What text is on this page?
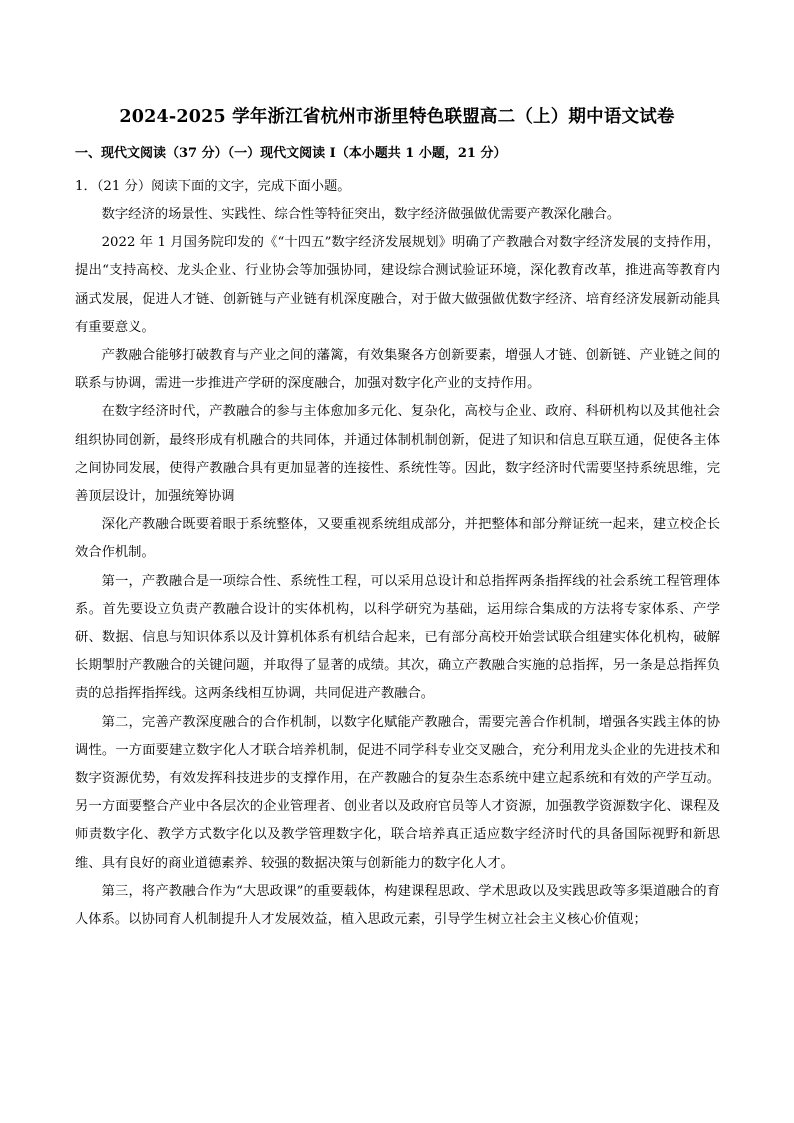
2024-2025 学年浙江省杭州市浙里特色联盟高二（上）期中语文试卷
一、现代文阅读（37 分）（一）现代文阅读 I（本小题共 1 小题，21 分）
1．（21 分）阅读下面的文字，完成下面小题。

数字经济的场景性、实践性、综合性等特征突出，数字经济做强做优需要产教深化融合。

2022 年 1 月国务院印发的《“十四五”数字经济发展规划》明确了产教融合对数字经济发展的支持作用，提出“支持高校、龙头企业、行业协会等加强协同，建设综合测试验证环境，深化教育改革，推进高等教育内涵式发展，促进人才链、创新链与产业链有机深度融合，对于做大做强做优数字经济、培育经济发展新动能具有重要意义。

产教融合能够打破教育与产业之间的藩篱，有效集聚各方创新要素，增强人才链、创新链、产业链之间的联系与协调，需进一步推进产学研的深度融合，加强对数字化产业的支持作用。

在数字经济时代，产教融合的参与主体愈加多元化、复杂化，高校与企业、政府、科研机构以及其他社会组织协同创新，最终形成有机融合的共同体，并通过体制机制创新，促进了知识和信息互联互通，促使各主体之间协同发展，使得产教融合具有更加显著的连接性、系统性等。因此，数字经济时代需要坚持系统思维，完善顶层设计，加强统筹协调

深化产教融合既要着眼于系统整体，又要重视系统组成部分，并把整体和部分辩证统一起来，建立校企长效合作机制。

第一，产教融合是一项综合性、系统性工程，可以采用总设计和总指挥两条指挥线的社会系统工程管理体系。首先要设立负责产教融合设计的实体机构，以科学研究为基础，运用综合集成的方法将专家体系、产学研、数据、信息与知识体系以及计算机体系有机结合起来，已有部分高校开始尝试联合组建实体化机构，破解长期掣肘产教融合的关键问题，并取得了显著的成绩。其次，确立产教融合实施的总指挥，另一条是总指挥负责的总指挥指挥线。这两条线相互协调，共同促进产教融合。

第二，完善产教深度融合的合作机制，以数字化赋能产教融合，需要完善合作机制，增强各实践主体的协调性。一方面要建立数字化人才联合培养机制，促进不同学科专业交叉融合，充分利用龙头企业的先进技术和数字资源优势，有效发挥科技进步的支撑作用，在产教融合的复杂生态系统中建立起系统和有效的产学互动。另一方面要整合产业中各层次的企业管理者、创业者以及政府官员等人才资源，加强教学资源数字化、课程及师责数字化、教学方式数字化以及教学管理数字化，联合培养真正适应数字经济时代的具备国际视野和新思维、具有良好的商业道德素养、较强的数据决策与创新能力的数字化人才。

第三，将产教融合作为“大思政课”的重要载体，构建课程思政、学术思政以及实践思政等多渠道融合的育人体系。以协同育人机制提升人才发展效益，植入思政元素，引导学生树立社会主义核心价值观；
